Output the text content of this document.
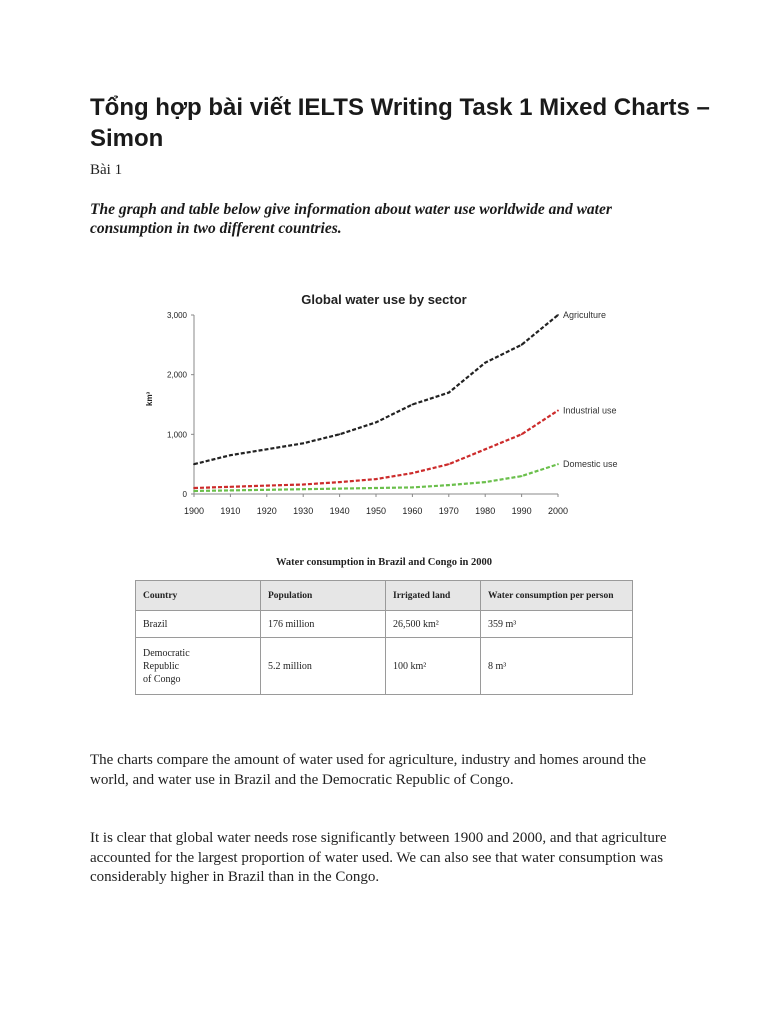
Tổng hợp bài viết IELTS Writing Task 1 Mixed Charts – Simon
Bài 1
The graph and table below give information about water use worldwide and water consumption in two different countries.
Global water use by sector
km³
1900 1910 1920 1930 1940 1950 1960 1970 1980 1990 2000
0
1,000
2,000
3,000	Agriculture
Industrial use
Domestic use
Water consumption in Brazil and Congo in 2000
Country	Population	Irrigated land	Water consumption per person
Brazil	176 million	26,500 km²	359 m³
Democratic
Republic
of Congo	5.2 million	100 km²	8 m³

The charts compare the amount of water used for agriculture, industry and homes around the world, and water use in Brazil and the Democratic Republic of Congo.

It is clear that global water needs rose significantly between 1900 and 2000, and that agriculture accounted for the largest proportion of water used. We can also see that water consumption was considerably higher in Brazil than in the Congo.
